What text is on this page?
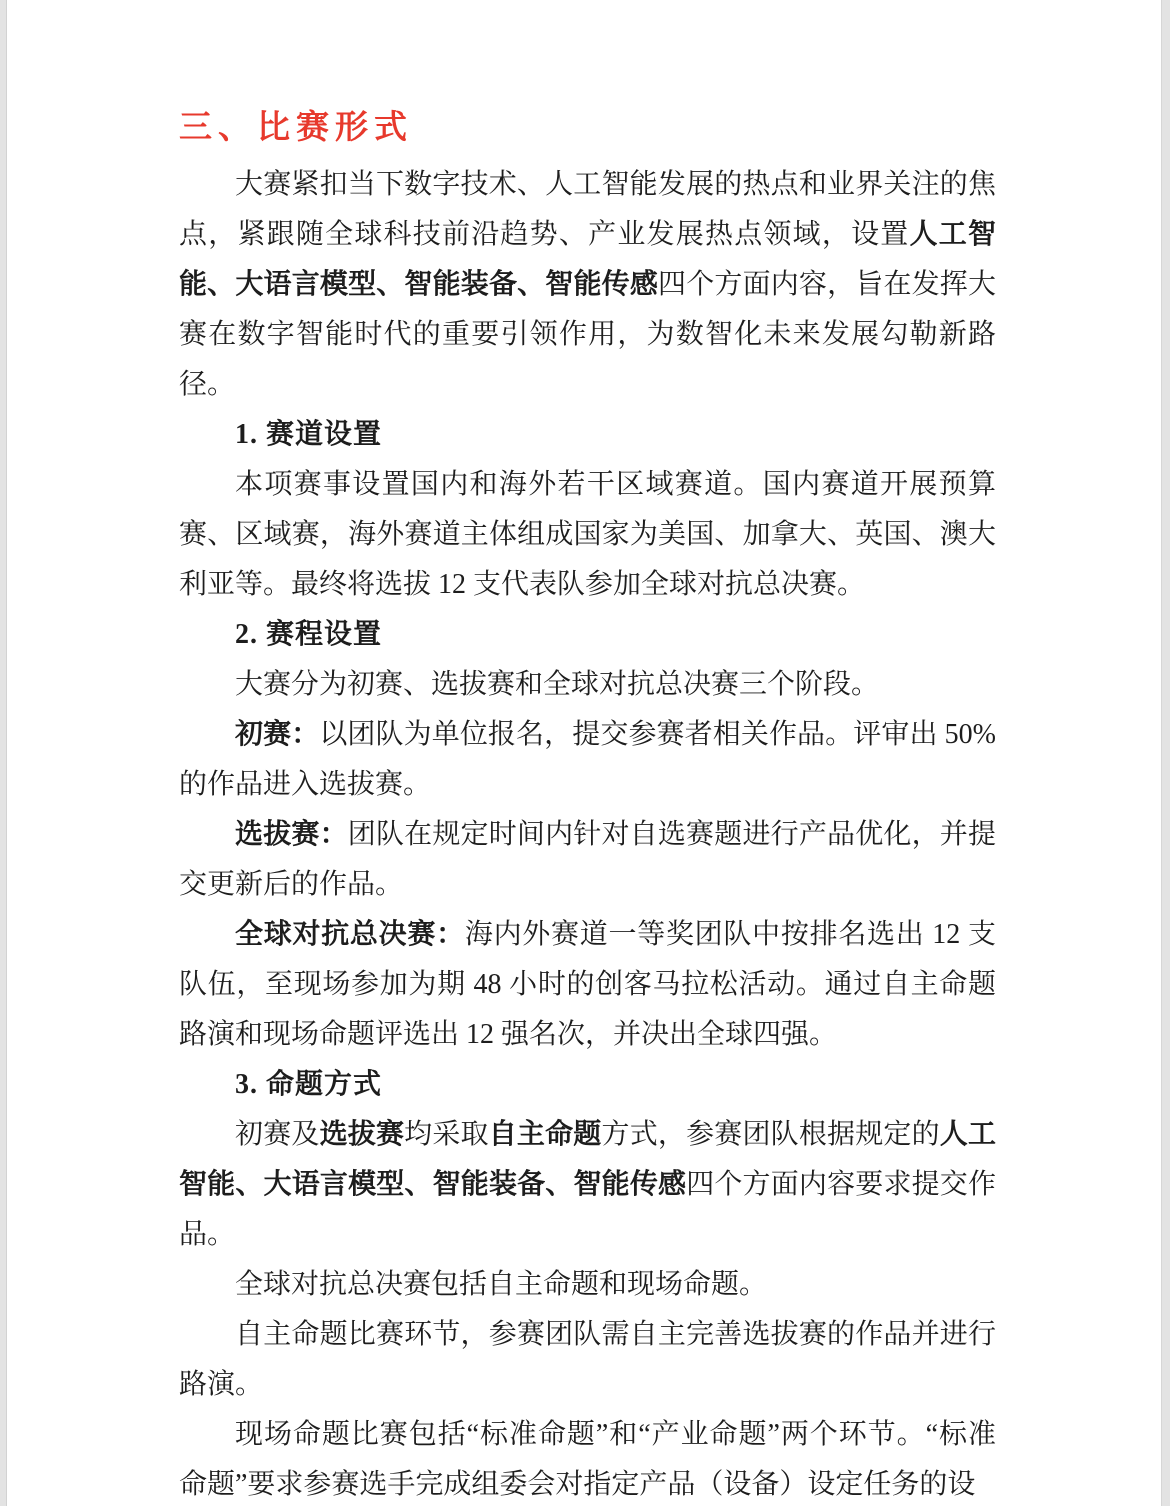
三、比赛形式

大赛紧扣当下数字技术、人工智能发展的热点和业界关注的焦点，紧跟随全球科技前沿趋势、产业发展热点领域，设置人工智能、大语言模型、智能装备、智能传感四个方面内容，旨在发挥大赛在数字智能时代的重要引领作用，为数智化未来发展勾勒新路径。

1. 赛道设置

本项赛事设置国内和海外若干区域赛道。国内赛道开展预算赛、区域赛，海外赛道主体组成国家为美国、加拿大、英国、澳大利亚等。最终将选拔 12 支代表队参加全球对抗总决赛。

2. 赛程设置

大赛分为初赛、选拔赛和全球对抗总决赛三个阶段。

初赛：以团队为单位报名，提交参赛者相关作品。评审出 50%的作品进入选拔赛。

选拔赛：团队在规定时间内针对自选赛题进行产品优化，并提交更新后的作品。

全球对抗总决赛：海内外赛道一等奖团队中按排名选出 12 支队伍，至现场参加为期 48 小时的创客马拉松活动。通过自主命题路演和现场命题评选出 12 强名次，并决出全球四强。

3. 命题方式

初赛及选拔赛均采取自主命题方式，参赛团队根据规定的人工智能、大语言模型、智能装备、智能传感四个方面内容要求提交作品。

全球对抗总决赛包括自主命题和现场命题。

自主命题比赛环节，参赛团队需自主完善选拔赛的作品并进行路演。

现场命题比赛包括“标准命题”和“产业命题”两个环节。“标准命题”要求参赛选手完成组委会对指定产品（设备）设定任务的设
